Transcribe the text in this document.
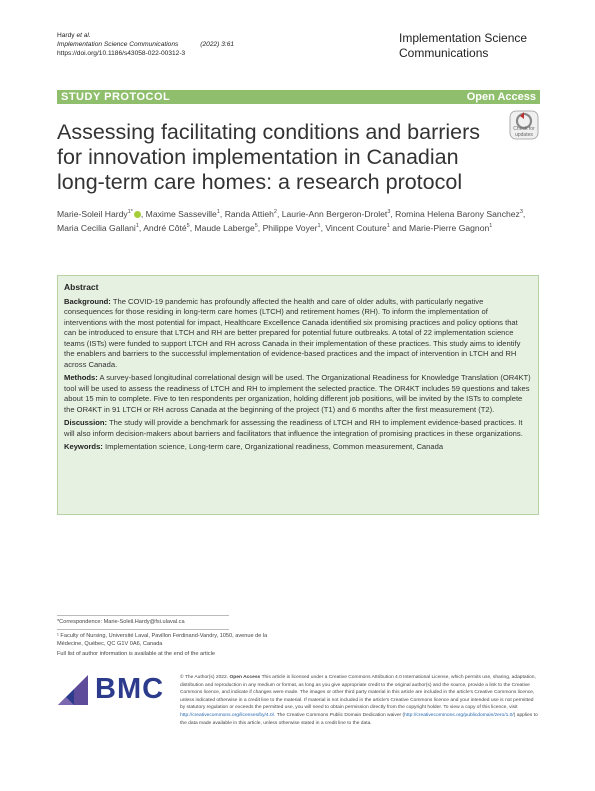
Hardy et al.
Implementation Science Communications	(2022) 3:61
https://doi.org/10.1186/s43058-022-00312-3
Implementation Science Communications
STUDY PROTOCOL	Open Access
Assessing facilitating conditions and barriers for innovation implementation in Canadian long-term care homes: a research protocol
Check for updates
Marie-Soleil Hardy$^{1*}$ , Maxime Sasseville$^1$, Randa Attieh$^2$, Laurie-Ann Bergeron-Drolet$^3$, Romina Helena Barony Sanchez$^3$, Maria Cecilia Gallani$^1$, André Côté$^5$, Maude Laberge$^5$, Philippe Voyer$^1$, Vincent Couture$^1$ and Marie-Pierre Gagnon$^1$
Abstract

Background: The COVID-19 pandemic has profoundly affected the health and care of older adults, with particularly negative consequences for those residing in long-term care homes (LTCH) and retirement homes (RH). To inform the implementation of interventions with the most potential for impact, Healthcare Excellence Canada identified six promising practices and policy options that can be introduced to ensure that LTCH and RH are better prepared for potential future outbreaks. A total of 22 implementation science teams (ISTs) were funded to support LTCH and RH across Canada in their implementation of these practices. This study aims to identify the enablers and barriers to the successful implementation of evidence-based practices and the impact of intervention in LTCH and RH across Canada.

Methods: A survey-based longitudinal correlational design will be used. The Organizational Readiness for Knowledge Translation (OR4KT) tool will be used to assess the readiness of LTCH and RH to implement the selected practice. The OR4KT includes 59 questions and takes about 15 min to complete. Five to ten respondents per organization, holding different job positions, will be invited by the ISTs to complete the OR4KT in 91 LTCH or RH across Canada at the beginning of the project (T1) and 6 months after the first measurement (T2).

Discussion: The study will provide a benchmark for assessing the readiness of LTCH and RH to implement evidence-based practices. It will also inform decision-makers about barriers and facilitators that influence the integration of promising practices in these organizations.

Keywords: Implementation science, Long-term care, Organizational readiness, Common measurement, Canada

*Correspondence: Marie-Soleil.Hardy@fsi.ulaval.ca
¹ Faculty of Nursing, Université Laval, Pavillon Ferdinand-Vandry, 1050, avenue de la Médecine, Québec, QC G1V 0A6, Canada
Full list of author information is available at the end of the article
BMC	© The Author(s) 2022. Open Access This article is licensed under a Creative Commons Attribution 4.0 International License, which permits use, sharing, adaptation, distribution and reproduction in any medium or format, as long as you give appropriate credit to the original author(s) and the source, provide a link to the Creative Commons licence, and indicate if changes were made. The images or other third party material in this article are included in the article's Creative Commons licence, unless indicated otherwise in a credit line to the material. If material is not included in the article's Creative Commons licence and your intended use is not permitted by statutory regulation or exceeds the permitted use, you will need to obtain permission directly from the copyright holder. To view a copy of this licence, visit http://creativecommons.org/licenses/by/4.0/. The Creative Commons Public Domain Dedication waiver (http://creativecommons.org/publicdomain/zero/1.0/) applies to the data made available in this article, unless otherwise stated in a credit line to the data.
